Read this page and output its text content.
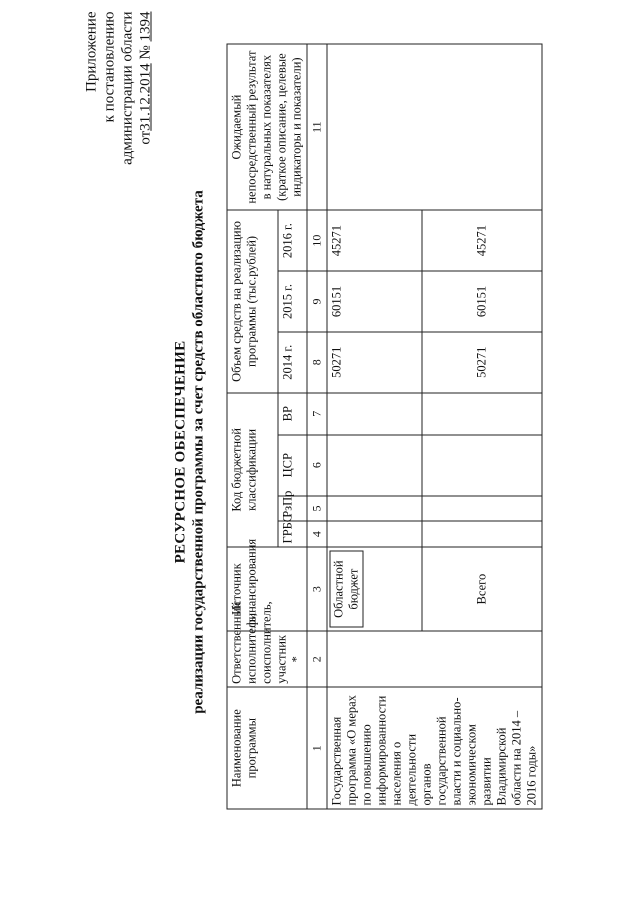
Приложение к постановлению администрации области от31.12.2014 № 1394
РЕСУРСНОЕ ОБЕСПЕЧЕНИЕ реализации государственной программы за счет средств областного бюджета
Наименование программы	Ответственный исполнитель, соисполнитель, участник *	Источник финансирования	Код бюджетной классификации				Объем средств на реализацию программы (тыс.рублей)			Ожидаемый непосредственный результат в натуральных показателях (краткое описание, целевые индикаторы и показатели)
			ГРБС	РзПр	ЦСР	ВР	2014 г.	2015 г.	2016 г.	
1	2	3	4	5	6	7	8	9	10	11
Государственная программа «О мерах по повышению информированности населения о деятельности органов государственной власти и социально-экономическом развитии Владимирской области на 2014 – 2016 годы»		Областной бюджет					50271	60151	45271	
		Всего					50271	60151	45271	
